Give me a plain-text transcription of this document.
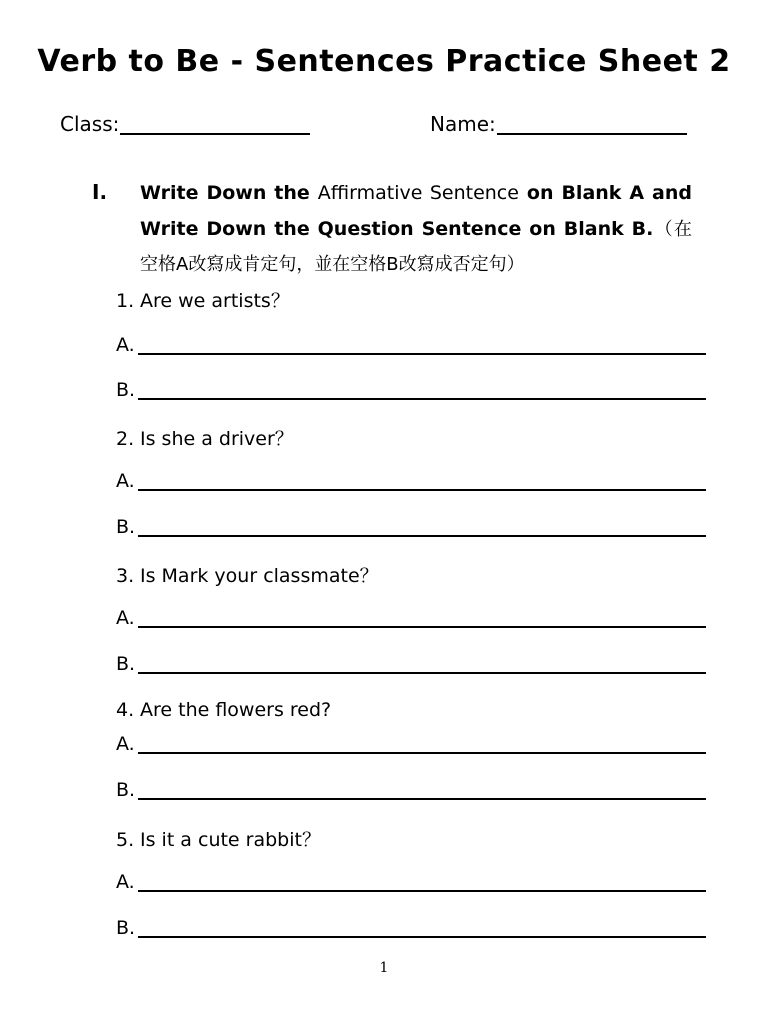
Verb to Be - Sentences Practice Sheet 2
Class:	Name:
I. Write Down the Affirmative Sentence on Blank A and Write Down the Question Sentence on Blank B.（在空格A改寫成肯定句，並在空格B改寫成否定句）
1. Are we artists？
A.
B.
2. Is she a driver？
A.
B.
3. Is Mark your classmate？
A.
B.
4. Are the flowers red?
A.
B.
5. Is it a cute rabbit？
A.
B.
1
